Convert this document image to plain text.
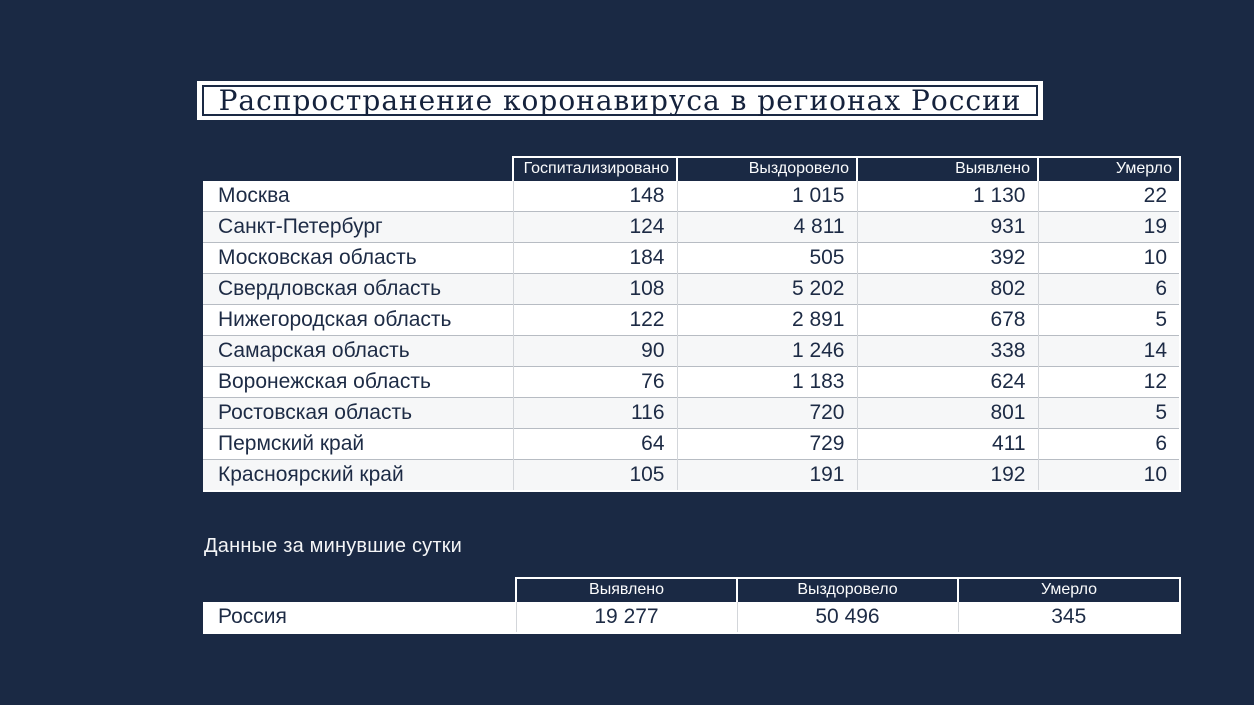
Распространение коронавируса в регионах России
	Госпитализировано	Выздоровело	Выявлено	Умерло
Москва	148	1 015	1 130	22
Санкт-Петербург	124	4 811	931	19
Московская область	184	505	392	10
Свердловская область	108	5 202	802	6
Нижегородская область	122	2 891	678	5
Самарская область	90	1 246	338	14
Воронежская область	76	1 183	624	12
Ростовская область	116	720	801	5
Пермский край	64	729	411	6
Красноярский край	105	191	192	10
Данные за минувшие сутки
	Выявлено	Выздоровело	Умерло
Россия	19 277	50 496	345
